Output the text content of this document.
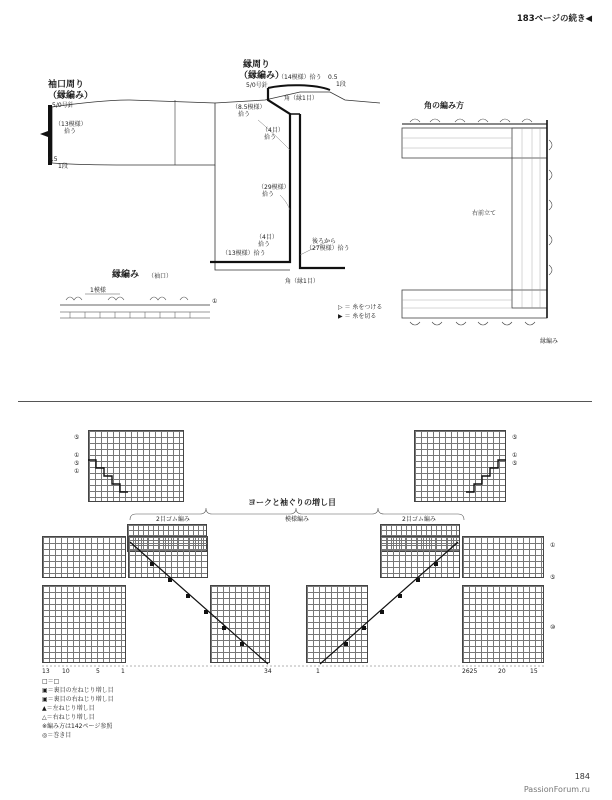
183ページの続き◀
袖口周り
（縁編み）
5/0号針
（13模様）
拾う
0.5
1段
縁周り
（縁編み）
5/0号針
（14模様）拾う 0.5
1段
角（縁1目）
（8.5模様）
拾う
（4目）
拾う
（29模様）
拾う
（4目）
拾う
（13模様）拾う
後ろから
（27模様）拾う
角（縁1目）
縁編み （袖口）
1模様
①
▷ ＝ 糸をつける
▶ ＝ 糸を切る
角の編み方
右前立て
縁編み
ヨークと袖ぐりの増し目
2目ゴム編み	模様編み	2目ゴム編み
⑤
①
⑤
①
⑤
①
⑤
①
⑤
⑩
13 10	5	1	34	1	2625	20	15
□＝□
▣＝裏目の左ねじり増し目
▣＝裏目の右ねじり増し目
▲＝左ねじり増し目
△＝右ねじり増し目
※編み方は142ページ参照
◎＝巻き目
184
PassionForum.ru
